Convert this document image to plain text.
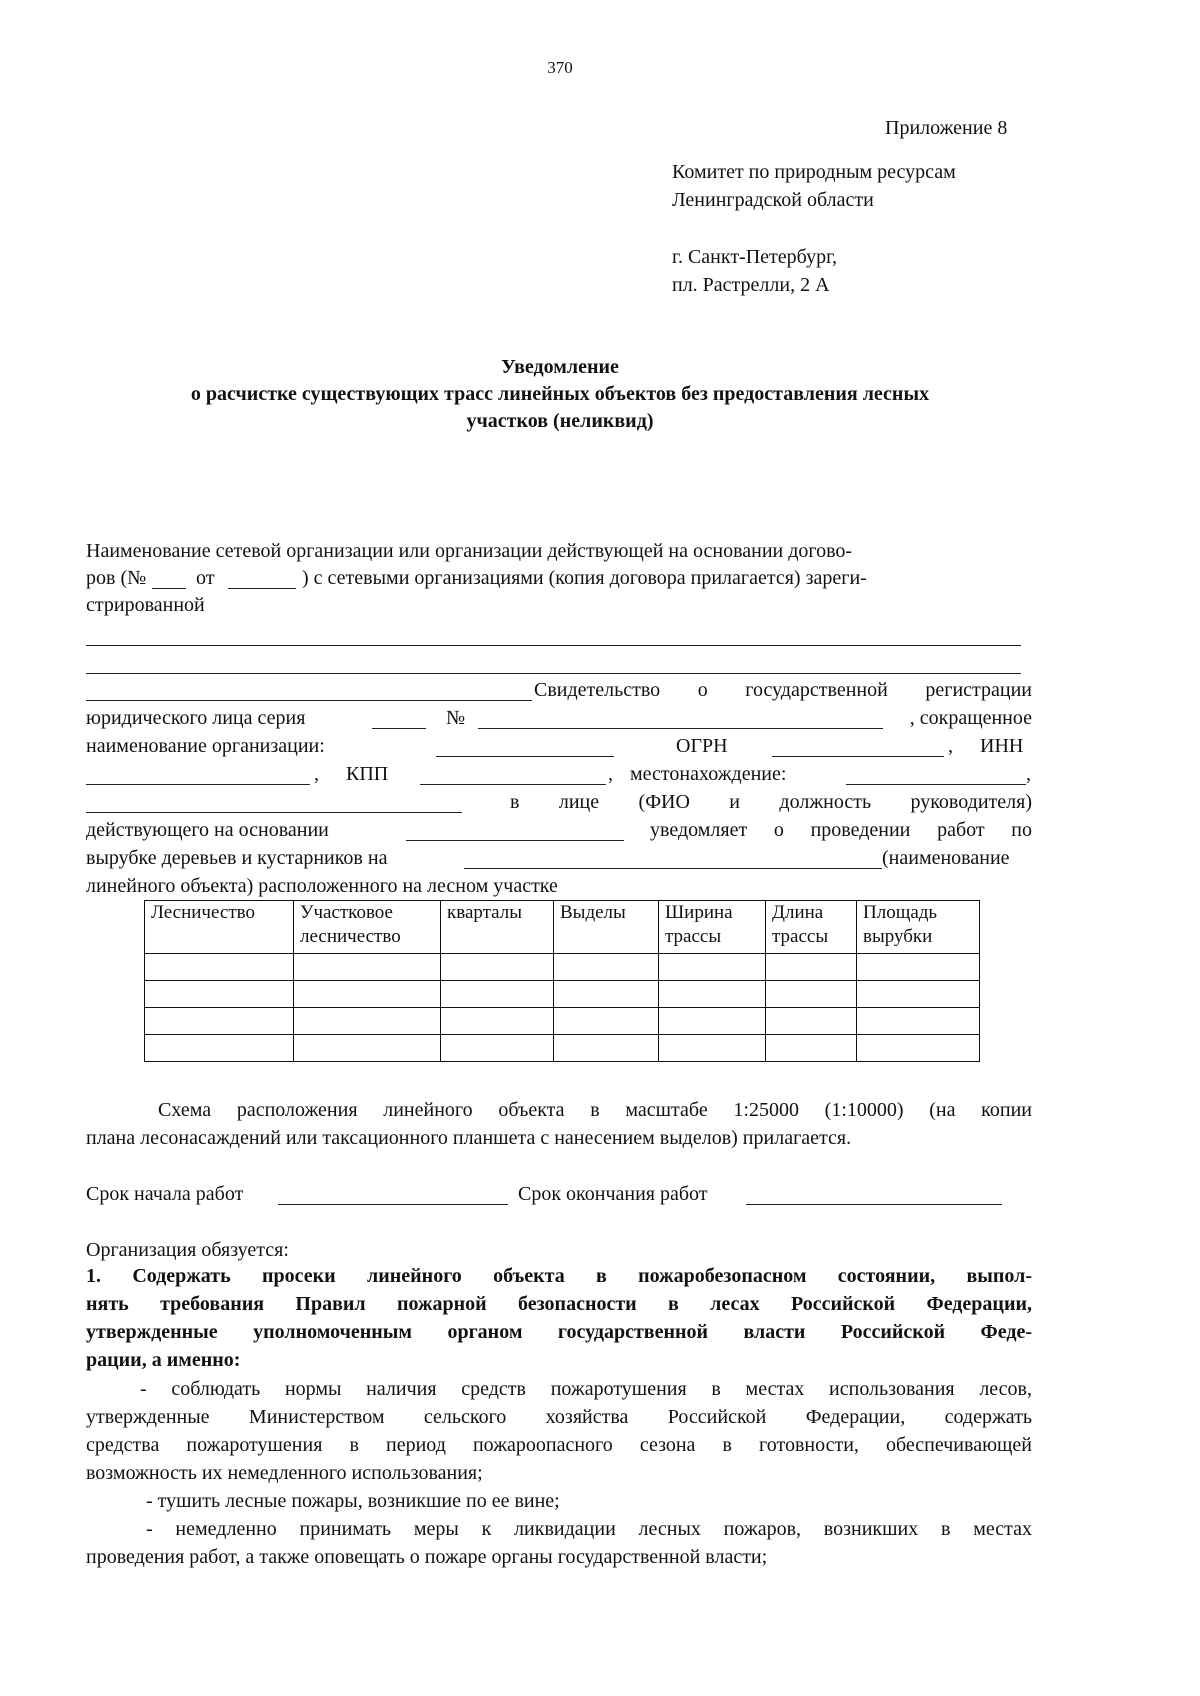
370
Приложение 8
Комитет по природным ресурсам
Ленинградской области
г. Санкт-Петербург,
пл. Растрелли, 2 А
Уведомление
о расчистке существующих трасс линейных объектов без предоставления лесных
участков (неликвид)
Наименование сетевой организации или организации действующей на основании догово-
ров (№ от	) с сетевыми организациями (копия договора прилагается) зареги-
стрированной
Свидетельство о государственной регистрации
юридического лица серия	№	, сокращенное
наименование организации:	ОГРН	, ИНН
, КПП	, местонахождение:	,
в лице (ФИО и должность руководителя)
действующего на основании	уведомляет о проведении работ по
вырубке деревьев и кустарников на	(наименование
линейного объекта) расположенного на лесном участке
Лесничество	Участковое лесничество	кварталы	Выделы	Ширина трассы	Длина трассы	Площадь вырубки

Схема расположения линейного объекта в масштабе 1:25000 (1:10000) (на копии
плана лесонасаждений или таксационного планшета с нанесением выделов) прилагается.
Срок начала работ	Срок окончания работ
Организация обязуется:
1. Содержать просеки линейного объекта в пожаробезопасном состоянии, выпол-
нять требования Правил пожарной безопасности в лесах Российской Федерации,
утвержденные уполномоченным органом государственной власти Российской Феде-
рации, а именно:
- соблюдать нормы наличия средств пожаротушения в местах использования лесов,
утвержденные Министерством сельского хозяйства Российской Федерации, содержать
средства пожаротушения в период пожароопасного сезона в готовности, обеспечивающей
возможность их немедленного использования;
- тушить лесные пожары, возникшие по ее вине;
- немедленно принимать меры к ликвидации лесных пожаров, возникших в местах
проведения работ, а также оповещать о пожаре органы государственной власти;
